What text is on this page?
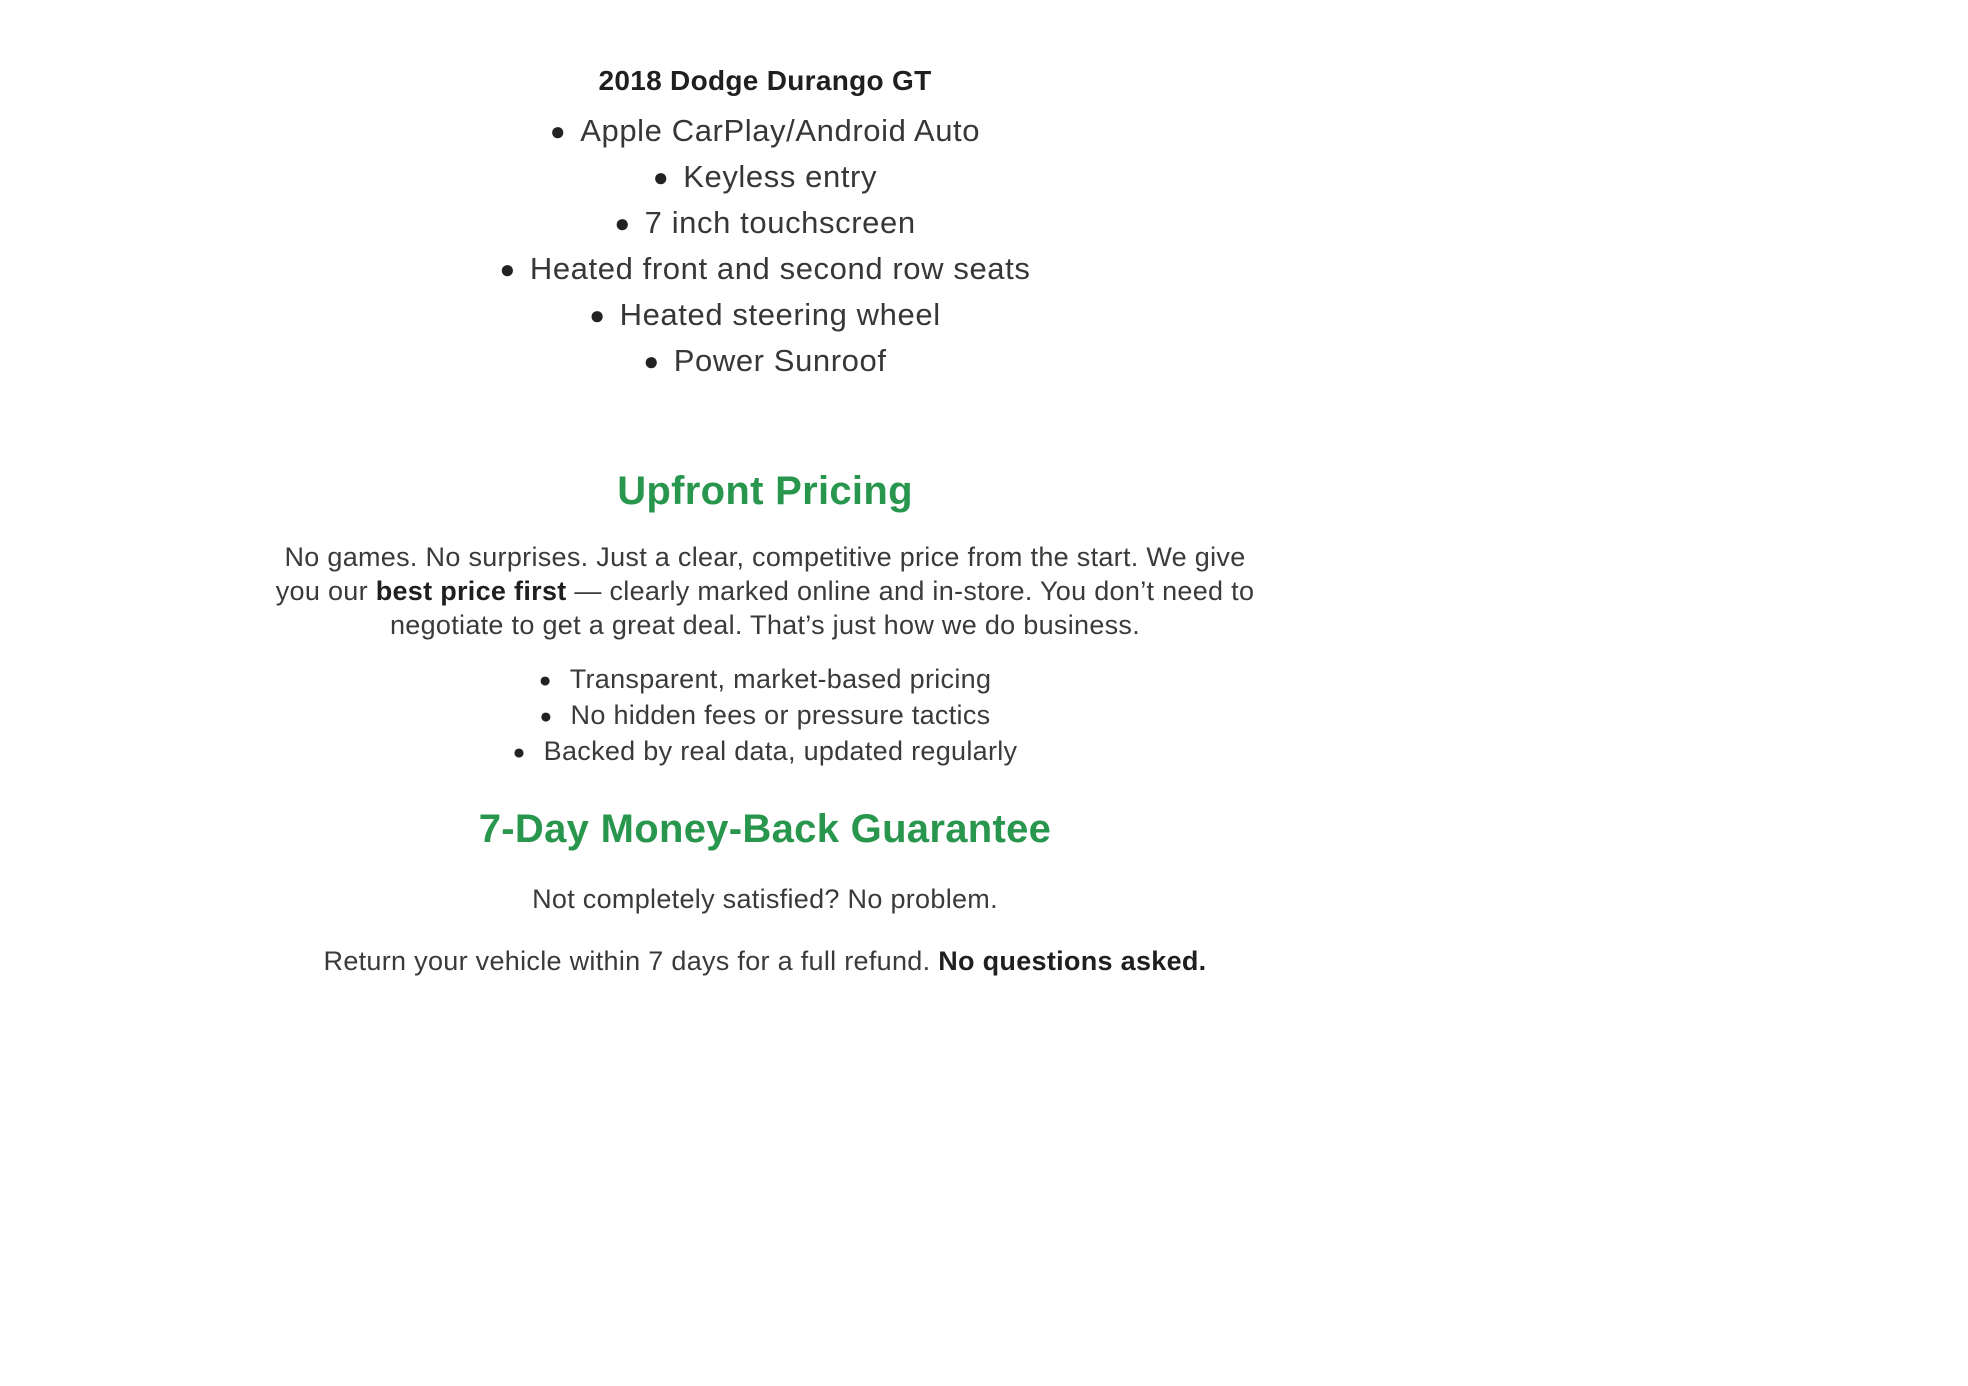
2018 Dodge Durango GT
● Apple CarPlay/Android Auto
● Keyless entry
● 7 inch touchscreen
● Heated front and second row seats
● Heated steering wheel
● Power Sunroof
Upfront Pricing
No games. No surprises. Just a clear, competitive price from the start. We give you our best price first — clearly marked online and in-store. You don’t need to negotiate to get a great deal. That’s just how we do business.
● Transparent, market-based pricing
● No hidden fees or pressure tactics
● Backed by real data, updated regularly
7-Day Money-Back Guarantee
Not completely satisfied? No problem.
Return your vehicle within 7 days for a full refund. No questions asked.
